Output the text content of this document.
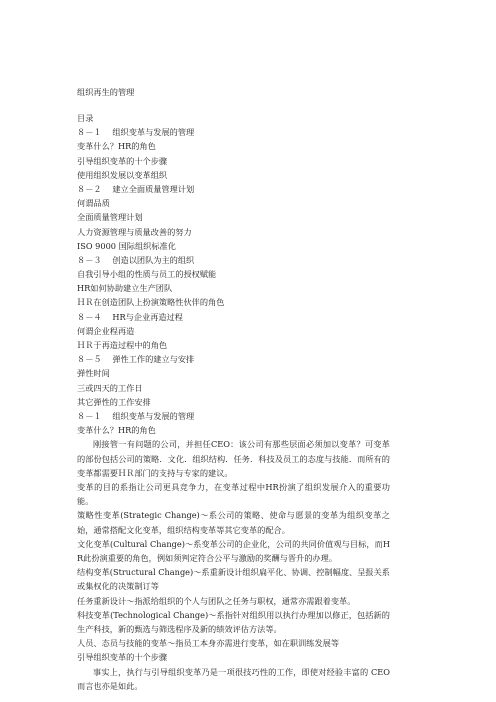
组织再生的管理
目录
８－１　 组织变革与发展的管理
变革什么？HR的角色
引导组织变革的十个步骤
使用组织发展以变革组织
８－２　 建立全面质量管理计划
何谓品质
全面质量管理计划
人力资源管理与质量改善的努力
ISO 9000 国际组织标准化
８－３　 创造以团队为主的组织
自我引导小组的性质与员工的授权赋能
HR如何协助建立生产团队
ＨＲ在创造团队上扮演策略性伙伴的角色
８－４　 HR与企业再造过程
何谓企业程再造
ＨＲ于再造过程中的角色
８－５　 弹性工作的建立与安排
弹性时间
三或四天的工作日
其它弹性的工作安排
８－１　 组织变革与发展的管理
变革什么？HR的角色

刚接管一有问题的公司，并担任CEO：该公司有那些层面必须加以变革？可变革的部份包括公司的策略．文化．组织结构．任务．科技及员工的态度与技能．而所有的变革都需要ＨＲ部门的支持与专家的建议。

变革的目的系指让公司更具竞争力，在变革过程中HR扮演了组织发展介入的重要功能。

策略性变革(Strategic Change)～系公司的策略、使命与愿景的变革为组织变革之始，通常搭配文化变革，组织结构变革等其它变革的配合。

文化变革(Cultural Change)～系变革公司的企业化，公司的共同价值观与目标，而HR此扮演重要的角色，例如须判定符合公平与激励的奖酬与晋升的办理。

结构变革(Structural Change)～系重新设计组织扁平化、协调、控制幅度、呈报关系或集权化的决策制订等

任务重新设计～指派给组织的个人与团队之任务与职权，通常亦需跟着变革。

科技变革(Technological Change)～系指针对组织用以执行办理加以修正，包括新的生产科技，新的甄选与筛选程序及新的绩效评估方法等。

人员、态员与技能的变革～指员工本身亦需进行变革，如在职训练发展等

引导组织变革的十个步骤

事实上，执行与引导组织变革乃是一项很技巧性的工作，即使对经验丰富的 CEO 而言也亦是如此。
